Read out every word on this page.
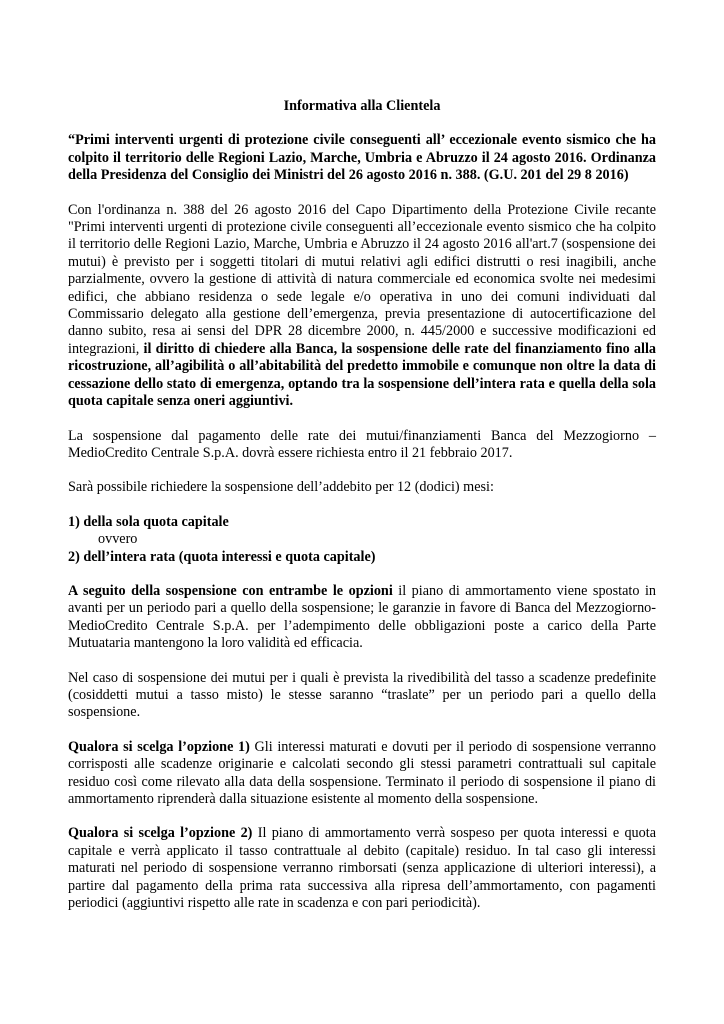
Informativa alla Clientela

“Primi interventi urgenti di protezione civile conseguenti all’ eccezionale evento sismico che ha colpito il territorio delle Regioni Lazio, Marche, Umbria e Abruzzo il 24 agosto 2016. Ordinanza della Presidenza del Consiglio dei Ministri del 26 agosto 2016 n. 388. (G.U. 201 del 29 8 2016)

Con l'ordinanza n. 388 del 26 agosto 2016 del Capo Dipartimento della Protezione Civile recante "Primi interventi urgenti di protezione civile conseguenti all’eccezionale evento sismico che ha colpito il territorio delle Regioni Lazio, Marche, Umbria e Abruzzo il 24 agosto 2016 all'art.7 (sospensione dei mutui) è previsto per i soggetti titolari di mutui relativi agli edifici distrutti o resi inagibili, anche parzialmente, ovvero la gestione di attività di natura commerciale ed economica svolte nei medesimi edifici, che abbiano residenza o sede legale e/o operativa in uno dei comuni individuati dal Commissario delegato alla gestione dell’emergenza, previa presentazione di autocertificazione del danno subito, resa ai sensi del DPR 28 dicembre 2000, n. 445/2000 e successive modificazioni ed integrazioni, il diritto di chiedere alla Banca, la sospensione delle rate del finanziamento fino alla ricostruzione, all’agibilità o all’abitabilità del predetto immobile e comunque non oltre la data di cessazione dello stato di emergenza, optando tra la sospensione dell’intera rata e quella della sola quota capitale senza oneri aggiuntivi.

La sospensione dal pagamento delle rate dei mutui/finanziamenti Banca del Mezzogiorno – MedioCredito Centrale S.p.A. dovrà essere richiesta entro il 21 febbraio 2017.

Sarà possibile richiedere la sospensione dell’addebito per 12 (dodici) mesi:

1) della sola quota capitale

ovvero

2) dell’intera rata (quota interessi e quota capitale)

A seguito della sospensione con entrambe le opzioni il piano di ammortamento viene spostato in avanti per un periodo pari a quello della sospensione; le garanzie in favore di Banca del Mezzogiorno-MedioCredito Centrale S.p.A. per l’adempimento delle obbligazioni poste a carico della Parte Mutuataria mantengono la loro validità ed efficacia.

Nel caso di sospensione dei mutui per i quali è prevista la rivedibilità del tasso a scadenze predefinite (cosiddetti mutui a tasso misto) le stesse saranno “traslate” per un periodo pari a quello della sospensione.

Qualora si scelga l’opzione 1) Gli interessi maturati e dovuti per il periodo di sospensione verranno corrisposti alle scadenze originarie e calcolati secondo gli stessi parametri contrattuali sul capitale residuo così come rilevato alla data della sospensione. Terminato il periodo di sospensione il piano di ammortamento riprenderà dalla situazione esistente al momento della sospensione.

Qualora si scelga l’opzione 2) Il piano di ammortamento verrà sospeso per quota interessi e quota capitale e verrà applicato il tasso contrattuale al debito (capitale) residuo. In tal caso gli interessi maturati nel periodo di sospensione verranno rimborsati (senza applicazione di ulteriori interessi), a partire dal pagamento della prima rata successiva alla ripresa dell’ammortamento, con pagamenti periodici (aggiuntivi rispetto alle rate in scadenza e con pari periodicità).
